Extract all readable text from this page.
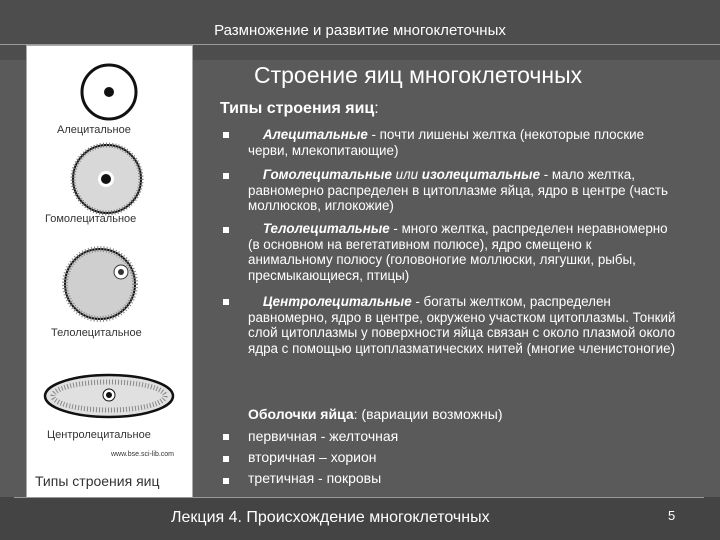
Размножение и развитие многоклеточных
Строение яиц многоклеточных
Алецитальное
Гомолецитальное
Телолецитальное
Центролецитальное
www.bse.sci-lib.com
Типы строения яиц
Типы строения яиц:
Алецитальные - почти лишены желтка (некоторые плоские черви, млекопитающие)
Гомолецитальные или изолецитальные - мало желтка, равномерно распределен в цитоплазме яйца, ядро в центре (часть моллюсков, иглокожие)
Телолецитальные - много желтка, распределен неравномерно (в основном на вегетативном полюсе), ядро смещено к анимальному полюсу (головоногие моллюски, лягушки, рыбы, пресмыкающиеся, птицы)
Центролецитальные - богаты желтком, распределен равномерно, ядро в центре, окружено участком цитоплазмы. Тонкий слой цитоплазмы у поверхности яйца связан с около плазмой около ядра с помощью цитоплазматических нитей (многие членистоногие)
Оболочки яйца: (вариации возможны)
первичная - желточная
вторичная – хорион
третичная - покровы
Лекция 4. Происхождение многоклеточных	5
